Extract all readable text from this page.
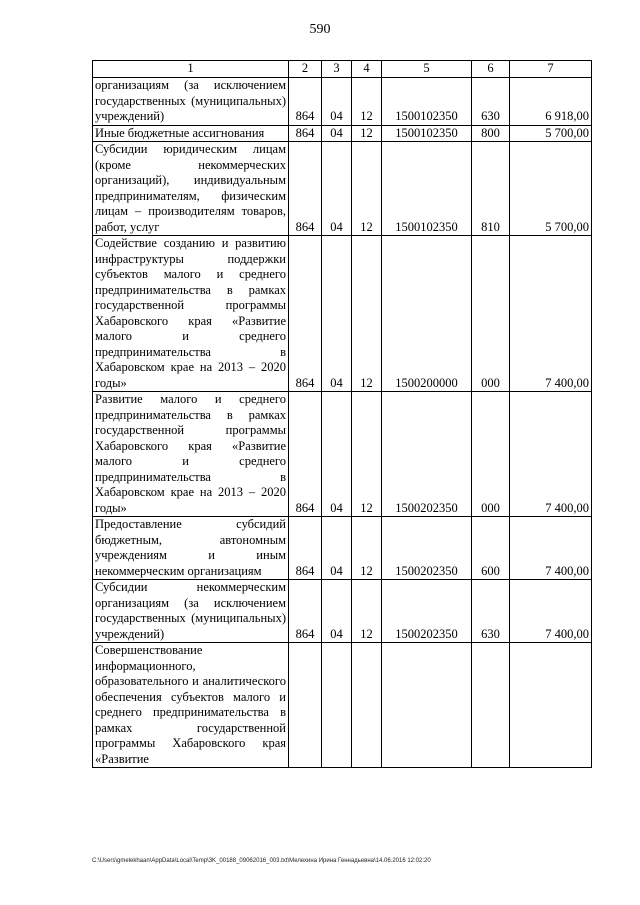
590
1	2	3	4	5	6	7
организациям (за исключением государственных (муниципальных) учреждений)	864	04	12	1500102350	630	6 918,00
Иные бюджетные ассигнования	864	04	12	1500102350	800	5 700,00
Субсидии юридическим лицам (кроме некоммерческих организаций), индивидуальным предпринимателям, физическим лицам – производителям товаров, работ, услуг	864	04	12	1500102350	810	5 700,00
Содействие созданию и развитию инфраструктуры поддержки субъектов малого и среднего предпринимательства в рамках государственной программы Хабаровского края «Развитие малого и среднего предпринимательства в Хабаровском крае на 2013 – 2020 годы»	864	04	12	1500200000	000	7 400,00
Развитие малого и среднего предпринимательства в рамках государственной программы Хабаровского края «Развитие малого и среднего предпринимательства в Хабаровском крае на 2013 – 2020 годы»	864	04	12	1500202350	000	7 400,00
Предоставление субсидий бюджетным, автономным учреждениям и иным некоммерческим организациям	864	04	12	1500202350	600	7 400,00
Субсидии некоммерческим организациям (за исключением государственных (муниципальных) учреждений)	864	04	12	1500202350	630	7 400,00
Совершенствование информационного, образовательного и аналитического обеспечения субъектов малого и среднего предпринимательства в рамках государственной программы Хабаровского края «Развитие						
C:\Users\gmelekhaan\AppData\Local\Temp\3K_00188_09062016_003.txt\Мелехина Ирина Геннадьевна\14.06.2016 12:02:20
